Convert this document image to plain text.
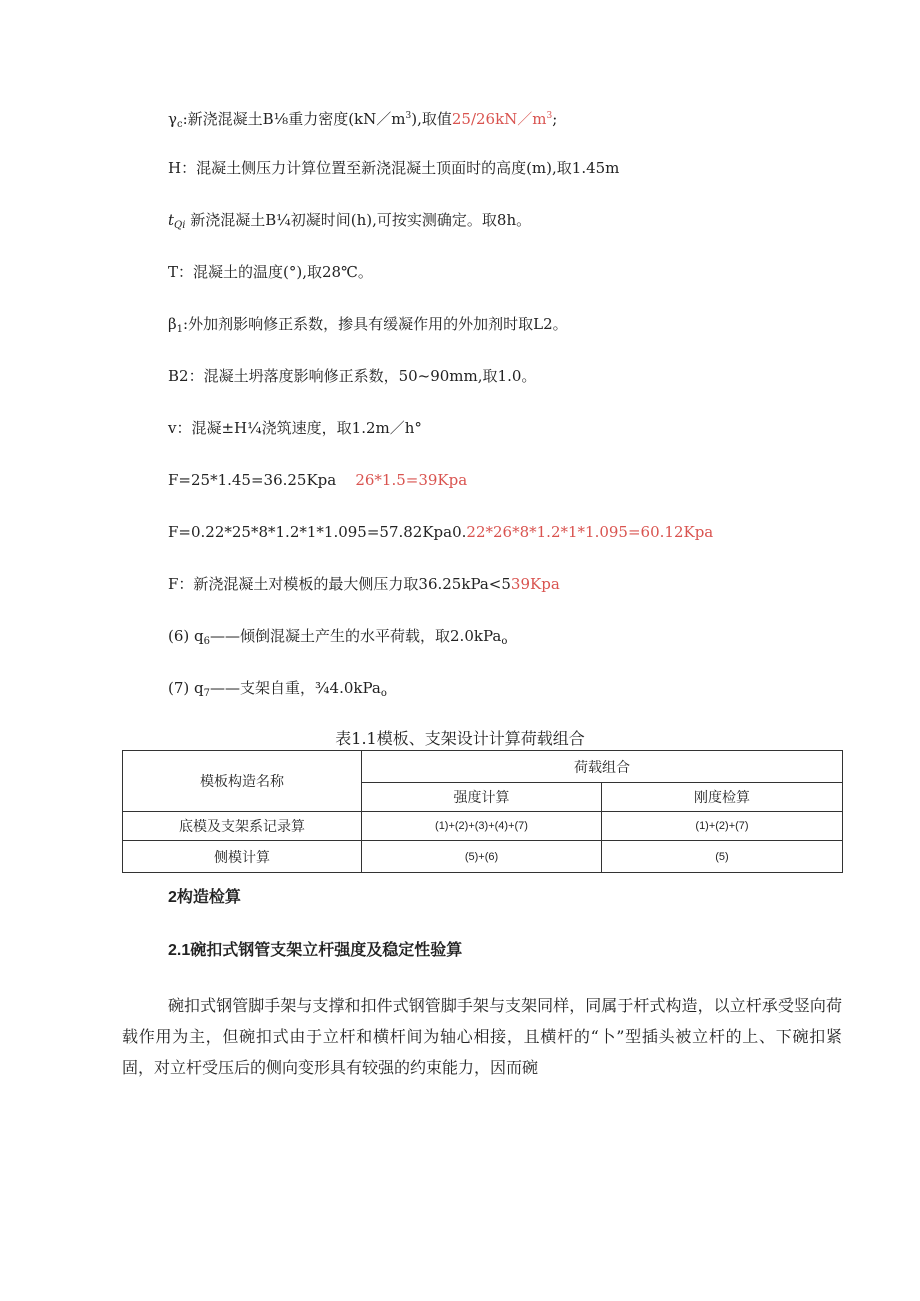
$\gamma_c$:新浇混凝土B⅛重力密度$(kN/m^3)$,取值$25/26kN/m^3$;
H：混凝土侧压力计算位置至新浇混凝土顶面时的高度(m),取1.45m
$t_{Qi}$ 新浇混凝土B¼初凝时间(h),可按实测确定。取8h。
T：混凝土的温度(°),取28℃。
$\beta_1$:外加剂影响修正系数，掺具有缓凝作用的外加剂时取L2。
B2：混凝土坍落度影响修正系数，50~90mm,取1.0。
v：混凝±H¼浇筑速度，取1.2m／h°
F=25*1.45=36.25Kpa 26*1.5=39Kpa
F=0.22*25*8*1.2*1*1.095=57.82Kpa0.22*26*8*1.2*1*1.095=60.12Kpa
F：新浇混凝土对模板的最大侧压力取36.25kPa<539Kpa
(6) $q_6——$倾倒混凝土产生的水平荷载，取2.0kPa$_o$
(7) $q_7——$支架自重，¾4.0kPa$_o$
表1.1模板、支架设计计算荷载组合
模板构造名称	荷载组合	
	强度计算	刚度检算
底模及支架系记录算	(1)+(2)+(3)+(4)+(7)	(1)+(2)+(7)
侧模计算	(5)+(6)	(5)
2构造检算
2.1碗扣式钢管支架立杆强度及稳定性验算
碗扣式钢管脚手架与支撑和扣件式钢管脚手架与支架同样，同属于杆式构造，以立杆承受竖向荷载作用为主，但碗扣式由于立杆和横杆间为轴心相接，且横杆的“卜”型插头被立杆的上、下碗扣紧固，对立杆受压后的侧向变形具有较强的约束能力，因而碗
